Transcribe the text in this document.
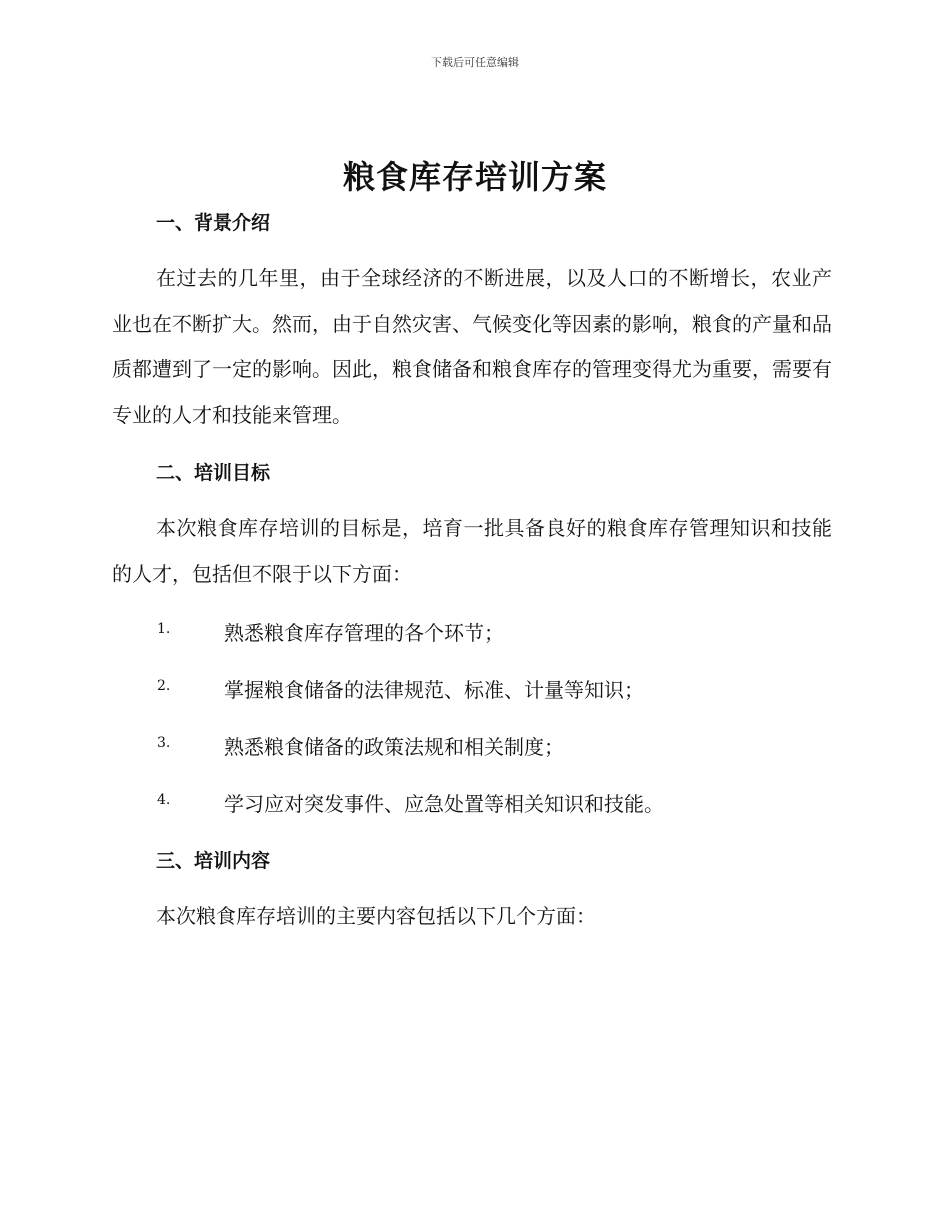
下载后可任意编辑
粮食库存培训方案
一、背景介绍

在过去的几年里，由于全球经济的不断进展，以及人口的不断增长，农业产业也在不断扩大。然而，由于自然灾害、气候变化等因素的影响，粮食的产量和品质都遭到了一定的影响。因此，粮食储备和粮食库存的管理变得尤为重要，需要有专业的人才和技能来管理。

二、培训目标

本次粮食库存培训的目标是，培育一批具备良好的粮食库存管理知识和技能的人才，包括但不限于以下方面：

1.	熟悉粮食库存管理的各个环节；
2.	掌握粮食储备的法律规范、标准、计量等知识；
3.	熟悉粮食储备的政策法规和相关制度；
4.	学习应对突发事件、应急处置等相关知识和技能。
三、培训内容

本次粮食库存培训的主要内容包括以下几个方面：
